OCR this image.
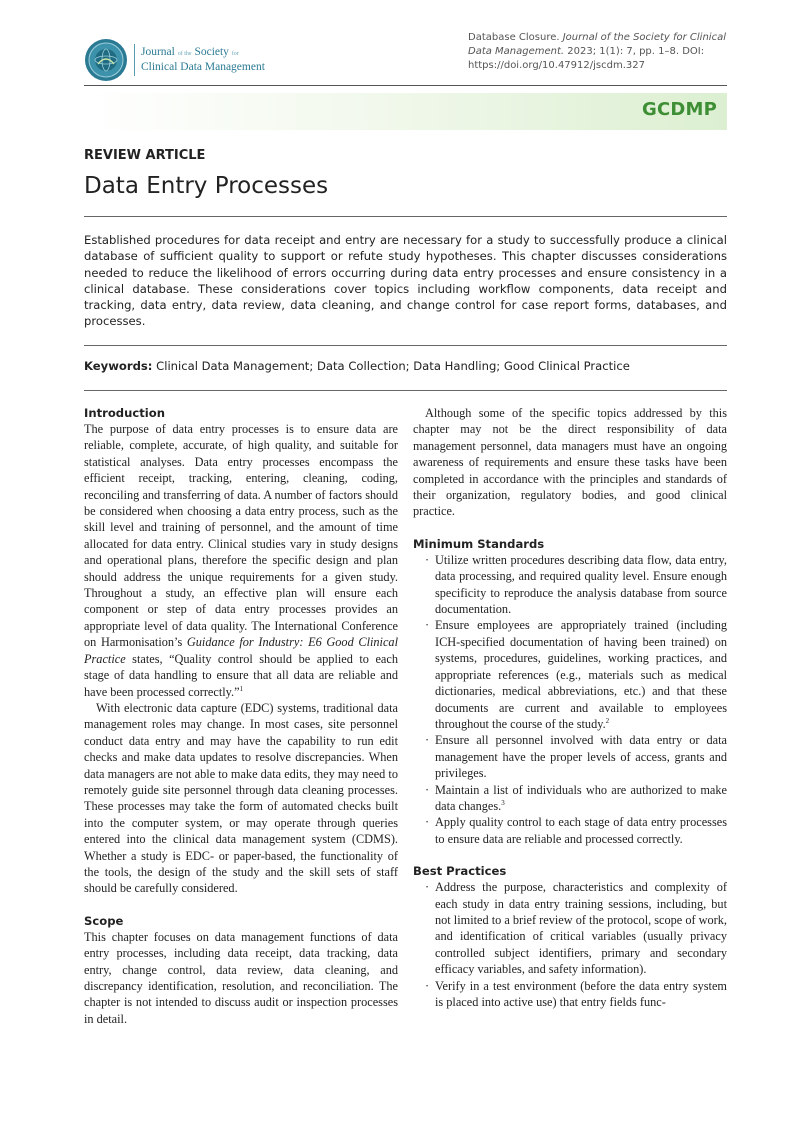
Journal of the Society for
Clinical Data Management
Database Closure. Journal of the Society for Clinical Data Management. 2023; 1(1): 7, pp. 1–8. DOI: https://doi.org/10.47912/jscdm.327
GCDMP
REVIEW ARTICLE
Data Entry Processes

Established procedures for data receipt and entry are necessary for a study to successfully produce a clinical database of sufficient quality to support or refute study hypotheses. This chapter discusses considerations needed to reduce the likelihood of errors occurring during data entry processes and ensure consistency in a clinical database. These considerations cover topics including workflow components, data receipt and tracking, data entry, data review, data cleaning, and change control for case report forms, databases, and processes.

Keywords: Clinical Data Management; Data Collection; Data Handling; Good Clinical Practice

Introduction

The purpose of data entry processes is to ensure data are reliable, complete, accurate, of high quality, and suitable for statistical analyses. Data entry processes encompass the efficient receipt, tracking, entering, cleaning, coding, reconciling and transferring of data. A number of factors should be considered when choosing a data entry process, such as the skill level and training of personnel, and the amount of time allocated for data entry. Clinical studies vary in study designs and operational plans, therefore the specific design and plan should address the unique requirements for a given study. Throughout a study, an effective plan will ensure each component or step of data entry processes provides an appropriate level of data quality. The International Conference on Harmonisation’s Guidance for Industry: E6 Good Clinical Practice states, “Quality control should be applied to each stage of data handling to ensure that all data are reliable and have been processed correctly.”$^1$

With electronic data capture (EDC) systems, traditional data management roles may change. In most cases, site personnel conduct data entry and may have the capability to run edit checks and make data updates to resolve discrepancies. When data managers are not able to make data edits, they may need to remotely guide site personnel through data cleaning processes. These processes may take the form of automated checks built into the computer system, or may operate through queries entered into the clinical data management system (CDMS). Whether a study is EDC- or paper-based, the functionality of the tools, the design of the study and the skill sets of staff should be carefully considered.

Scope

This chapter focuses on data management functions of data entry processes, including data receipt, data tracking, data entry, change control, data review, data cleaning, and discrepancy identification, resolution, and reconciliation. The chapter is not intended to discuss audit or inspection processes in detail.

Although some of the specific topics addressed by this chapter may not be the direct responsibility of data management personnel, data managers must have an ongoing awareness of requirements and ensure these tasks have been completed in accordance with the principles and standards of their organization, regulatory bodies, and good clinical practice.

Minimum Standards
· Utilize written procedures describing data flow, data entry, data processing, and required quality level. Ensure enough specificity to reproduce the analysis database from source documentation.
· Ensure employees are appropriately trained (including ICH-specified documentation of having been trained) on systems, procedures, guidelines, working practices, and appropriate references (e.g., materials such as medical dictionaries, medical abbreviations, etc.) and that these documents are current and available to employees throughout the course of the study.$^2$
· Ensure all personnel involved with data entry or data management have the proper levels of access, grants and privileges.
· Maintain a list of individuals who are authorized to make data changes.$^3$
· Apply quality control to each stage of data entry processes to ensure data are reliable and processed correctly.
Best Practices
· Address the purpose, characteristics and complexity of each study in data entry training sessions, including, but not limited to a brief review of the protocol, scope of work, and identification of critical variables (usually privacy controlled subject identifiers, primary and secondary efficacy variables, and safety information).
· Verify in a test environment (before the data entry system is placed into active use) that entry fields func-
